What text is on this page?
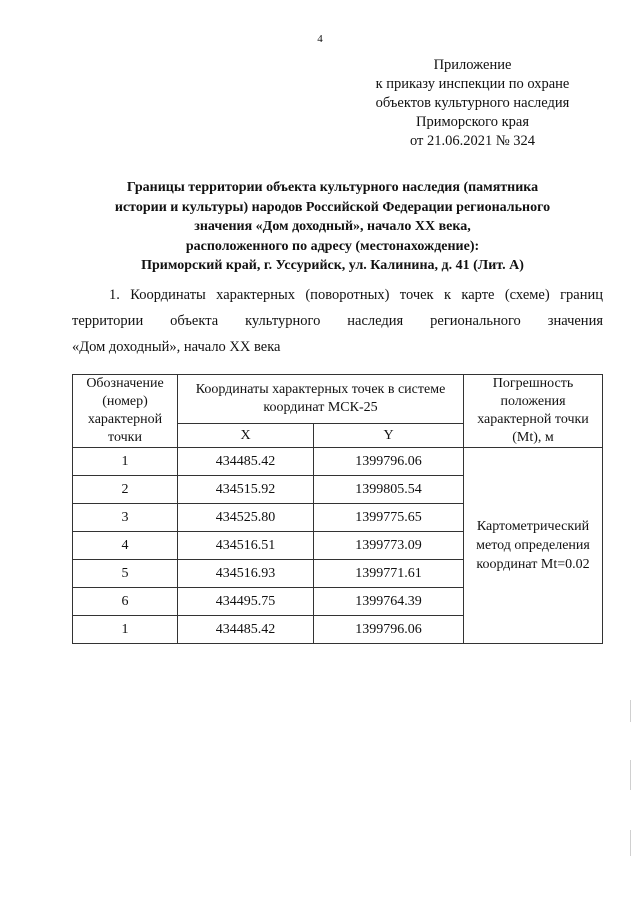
4
Приложение
к приказу инспекции по охране
объектов культурного наследия
Приморского края
от 21.06.2021 № 324
Границы территории объекта культурного наследия (памятника
истории и культуры) народов Российской Федерации регионального
значения «Дом доходный», начало XX века,
расположенного по адресу (местонахождение):
Приморский край, г. Уссурийск, ул. Калинина, д. 41 (Лит. А)
1. Координаты характерных (поворотных) точек к карте (схеме) границ
территории объекта культурного наследия регионального значения
«Дом доходный», начало XX века
Обозначение (номер) характерной точки	Координаты характерных точек в системе координат МСК-25		Погрешность положения характерной точки (Mt), м
	X	Y	
1	434485.42	1399796.06	Картометрический метод определения координат Mt=0.02
2	434515.92	1399805.54	
3	434525.80	1399775.65	
4	434516.51	1399773.09	
5	434516.93	1399771.61	
6	434495.75	1399764.39	
1	434485.42	1399796.06	
